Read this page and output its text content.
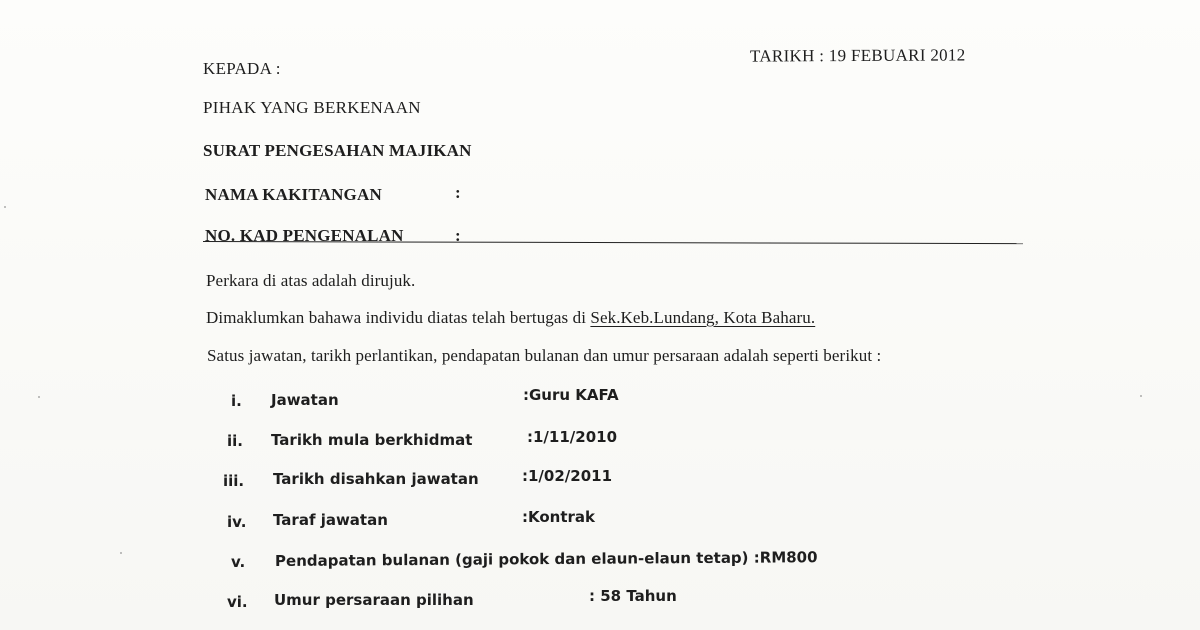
KEPADA :
TARIKH : 19 FEBUARI 2012
PIHAK YANG BERKENAAN
SURAT PENGESAHAN MAJIKAN
NAMA KAKITANGAN	:
NO. KAD PENGENALAN	:
Perkara di atas adalah dirujuk.
Dimaklumkan bahawa individu diatas telah bertugas di Sek.Keb.Lundang, Kota Baharu.
Satus jawatan, tarikh perlantikan, pendapatan bulanan dan umur persaraan adalah seperti berikut :
i. Jawatan	:Guru KAFA
ii. Tarikh mula berkhidmat	:1/11/2010
iii. Tarikh disahkan jawatan	:1/02/2011
iv. Taraf jawatan	:Kontrak
v. Pendapatan bulanan (gaji pokok dan elaun-elaun tetap) :RM800
vi. Umur persaraan pilihan	: 58 Tahun
